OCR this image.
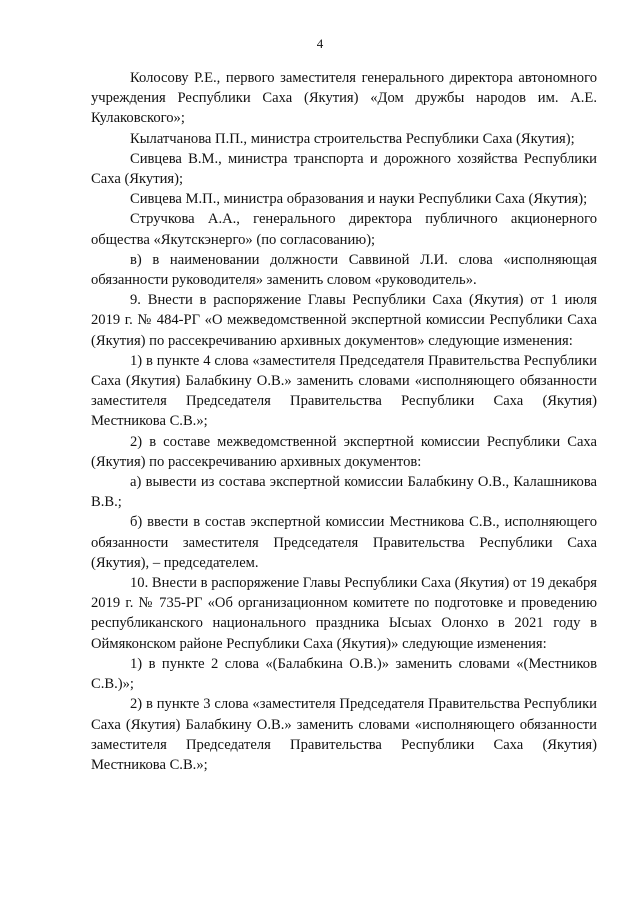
4

Колосову Р.Е., первого заместителя генерального директора автономного учреждения Республики Саха (Якутия) «Дом дружбы народов им. А.Е. Кулаковского»;

Кылатчанова П.П., министра строительства Республики Саха (Якутия);

Сивцева В.М., министра транспорта и дорожного хозяйства Республики Саха (Якутия);

Сивцева М.П., министра образования и науки Республики Саха (Якутия);

Стручкова А.А., генерального директора публичного акционерного общества «Якутскэнерго» (по согласованию);

в) в наименовании должности Саввиной Л.И. слова «исполняющая обязанности руководителя» заменить словом «руководитель».

9. Внести в распоряжение Главы Республики Саха (Якутия) от 1 июля 2019 г. № 484-РГ «О межведомственной экспертной комиссии Республики Саха (Якутия) по рассекречиванию архивных документов» следующие изменения:

1) в пункте 4 слова «заместителя Председателя Правительства Республики Саха (Якутия) Балабкину О.В.» заменить словами «исполняющего обязанности заместителя Председателя Правительства Республики Саха (Якутия) Местникова С.В.»;

2) в составе межведомственной экспертной комиссии Республики Саха (Якутия) по рассекречиванию архивных документов:

а) вывести из состава экспертной комиссии Балабкину О.В., Калашникова В.В.;

б) ввести в состав экспертной комиссии Местникова С.В., исполняющего обязанности заместителя Председателя Правительства Республики Саха (Якутия), – председателем.

10. Внести в распоряжение Главы Республики Саха (Якутия) от 19 декабря 2019 г. № 735-РГ «Об организационном комитете по подготовке и проведению республиканского национального праздника Ысыах Олонхо в 2021 году в Оймяконском районе Республики Саха (Якутия)» следующие изменения:

1) в пункте 2 слова «(Балабкина О.В.)» заменить словами «(Местников С.В.)»;

2) в пункте 3 слова «заместителя Председателя Правительства Республики Саха (Якутия) Балабкину О.В.» заменить словами «исполняющего обязанности заместителя Председателя Правительства Республики Саха (Якутия) Местникова С.В.»;
